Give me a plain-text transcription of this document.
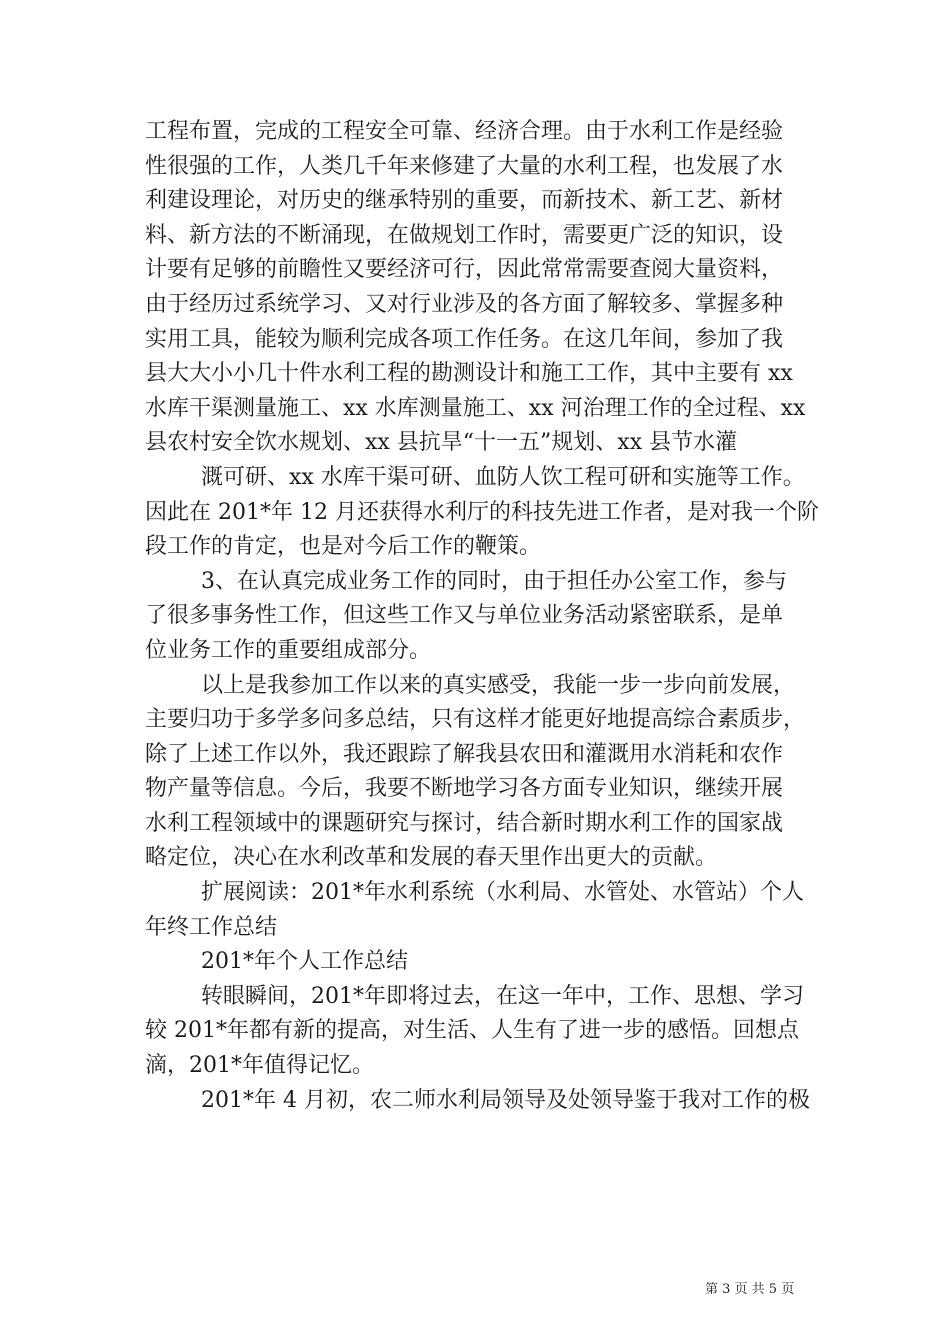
工程布置，完成的工程安全可靠、经济合理。由于水利工作是经验
性很强的工作，人类几千年来修建了大量的水利工程，也发展了水
利建设理论，对历史的继承特别的重要，而新技术、新工艺、新材
料、新方法的不断涌现，在做规划工作时，需要更广泛的知识，设
计要有足够的前瞻性又要经济可行，因此常常需要查阅大量资料，
由于经历过系统学习、又对行业涉及的各方面了解较多、掌握多种
实用工具，能较为顺利完成各项工作任务。在这几年间，参加了我
县大大小小几十件水利工程的勘测设计和施工工作，其中主要有 xx
水库干渠测量施工、xx 水库测量施工、xx 河治理工作的全过程、xx
县农村安全饮水规划、xx 县抗旱“十一五”规划、xx 县节水灌
溉可研、xx 水库干渠可研、血防人饮工程可研和实施等工作。
因此在 201*年 12 月还获得水利厅的科技先进工作者，是对我一个阶
段工作的肯定，也是对今后工作的鞭策。
3、在认真完成业务工作的同时，由于担任办公室工作，参与
了很多事务性工作，但这些工作又与单位业务活动紧密联系，是单
位业务工作的重要组成部分。
以上是我参加工作以来的真实感受，我能一步一步向前发展，
主要归功于多学多问多总结，只有这样才能更好地提高综合素质步，
除了上述工作以外，我还跟踪了解我县农田和灌溉用水消耗和农作
物产量等信息。今后，我要不断地学习各方面专业知识，继续开展
水利工程领域中的课题研究与探讨，结合新时期水利工作的国家战
略定位，决心在水利改革和发展的春天里作出更大的贡献。
扩展阅读：201*年水利系统（水利局、水管处、水管站）个人
年终工作总结
201*年个人工作总结
转眼瞬间，201*年即将过去，在这一年中，工作、思想、学习
较 201*年都有新的提高，对生活、人生有了进一步的感悟。回想点
滴，201*年值得记忆。
201*年 4 月初，农二师水利局领导及处领导鉴于我对工作的极
第 3 页 共 5 页
